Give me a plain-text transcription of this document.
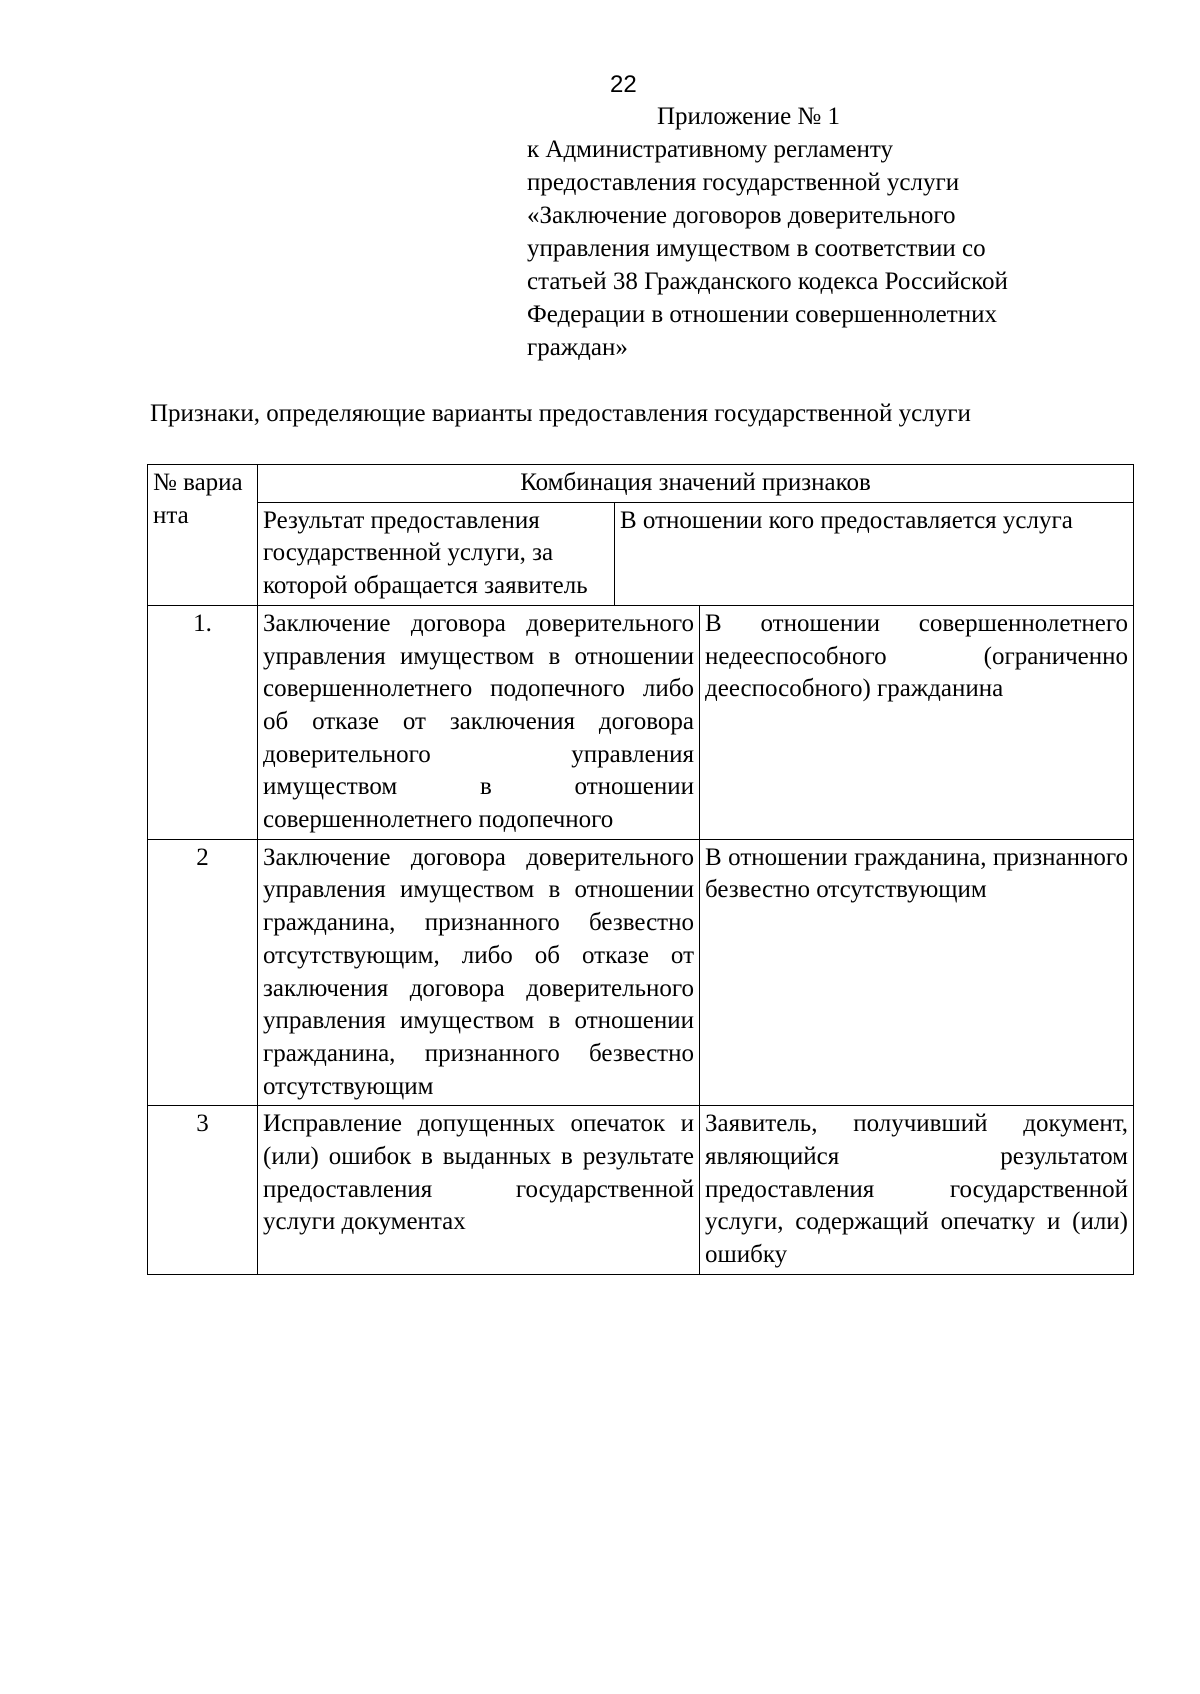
22
Приложение № 1
к Административному регламенту
предоставления государственной услуги
«Заключение договоров доверительного
управления имуществом в соответствии со
статьей 38 Гражданского кодекса Российской
Федерации в отношении совершеннолетних
граждан»
Признаки, определяющие варианты предоставления государственной услуги
№ варианта	Комбинация значений признаков		
	Результат предоставления государственной услуги, за которой обращается заявитель	В отношении кого предоставляется услуга	
1.	Заключение договора доверительного управления имуществом в отношении совершеннолетнего подопечного либо об отказе от заключения договора доверительного управления имуществом в отношении совершеннолетнего подопечного		В отношении совершеннолетнего недееспособного (ограниченно дееспособного) гражданина
2	Заключение договора доверительного управления имуществом в отношении гражданина, признанного безвестно отсутствующим, либо об отказе от заключения договора доверительного управления имуществом в отношении гражданина, признанного безвестно отсутствующим		В отношении гражданина, признанного безвестно отсутствующим
3	Исправление допущенных опечаток и (или) ошибок в выданных в результате предоставления государственной услуги документах		Заявитель, получивший документ, являющийся результатом предоставления государственной услуги, содержащий опечатку и (или) ошибку
